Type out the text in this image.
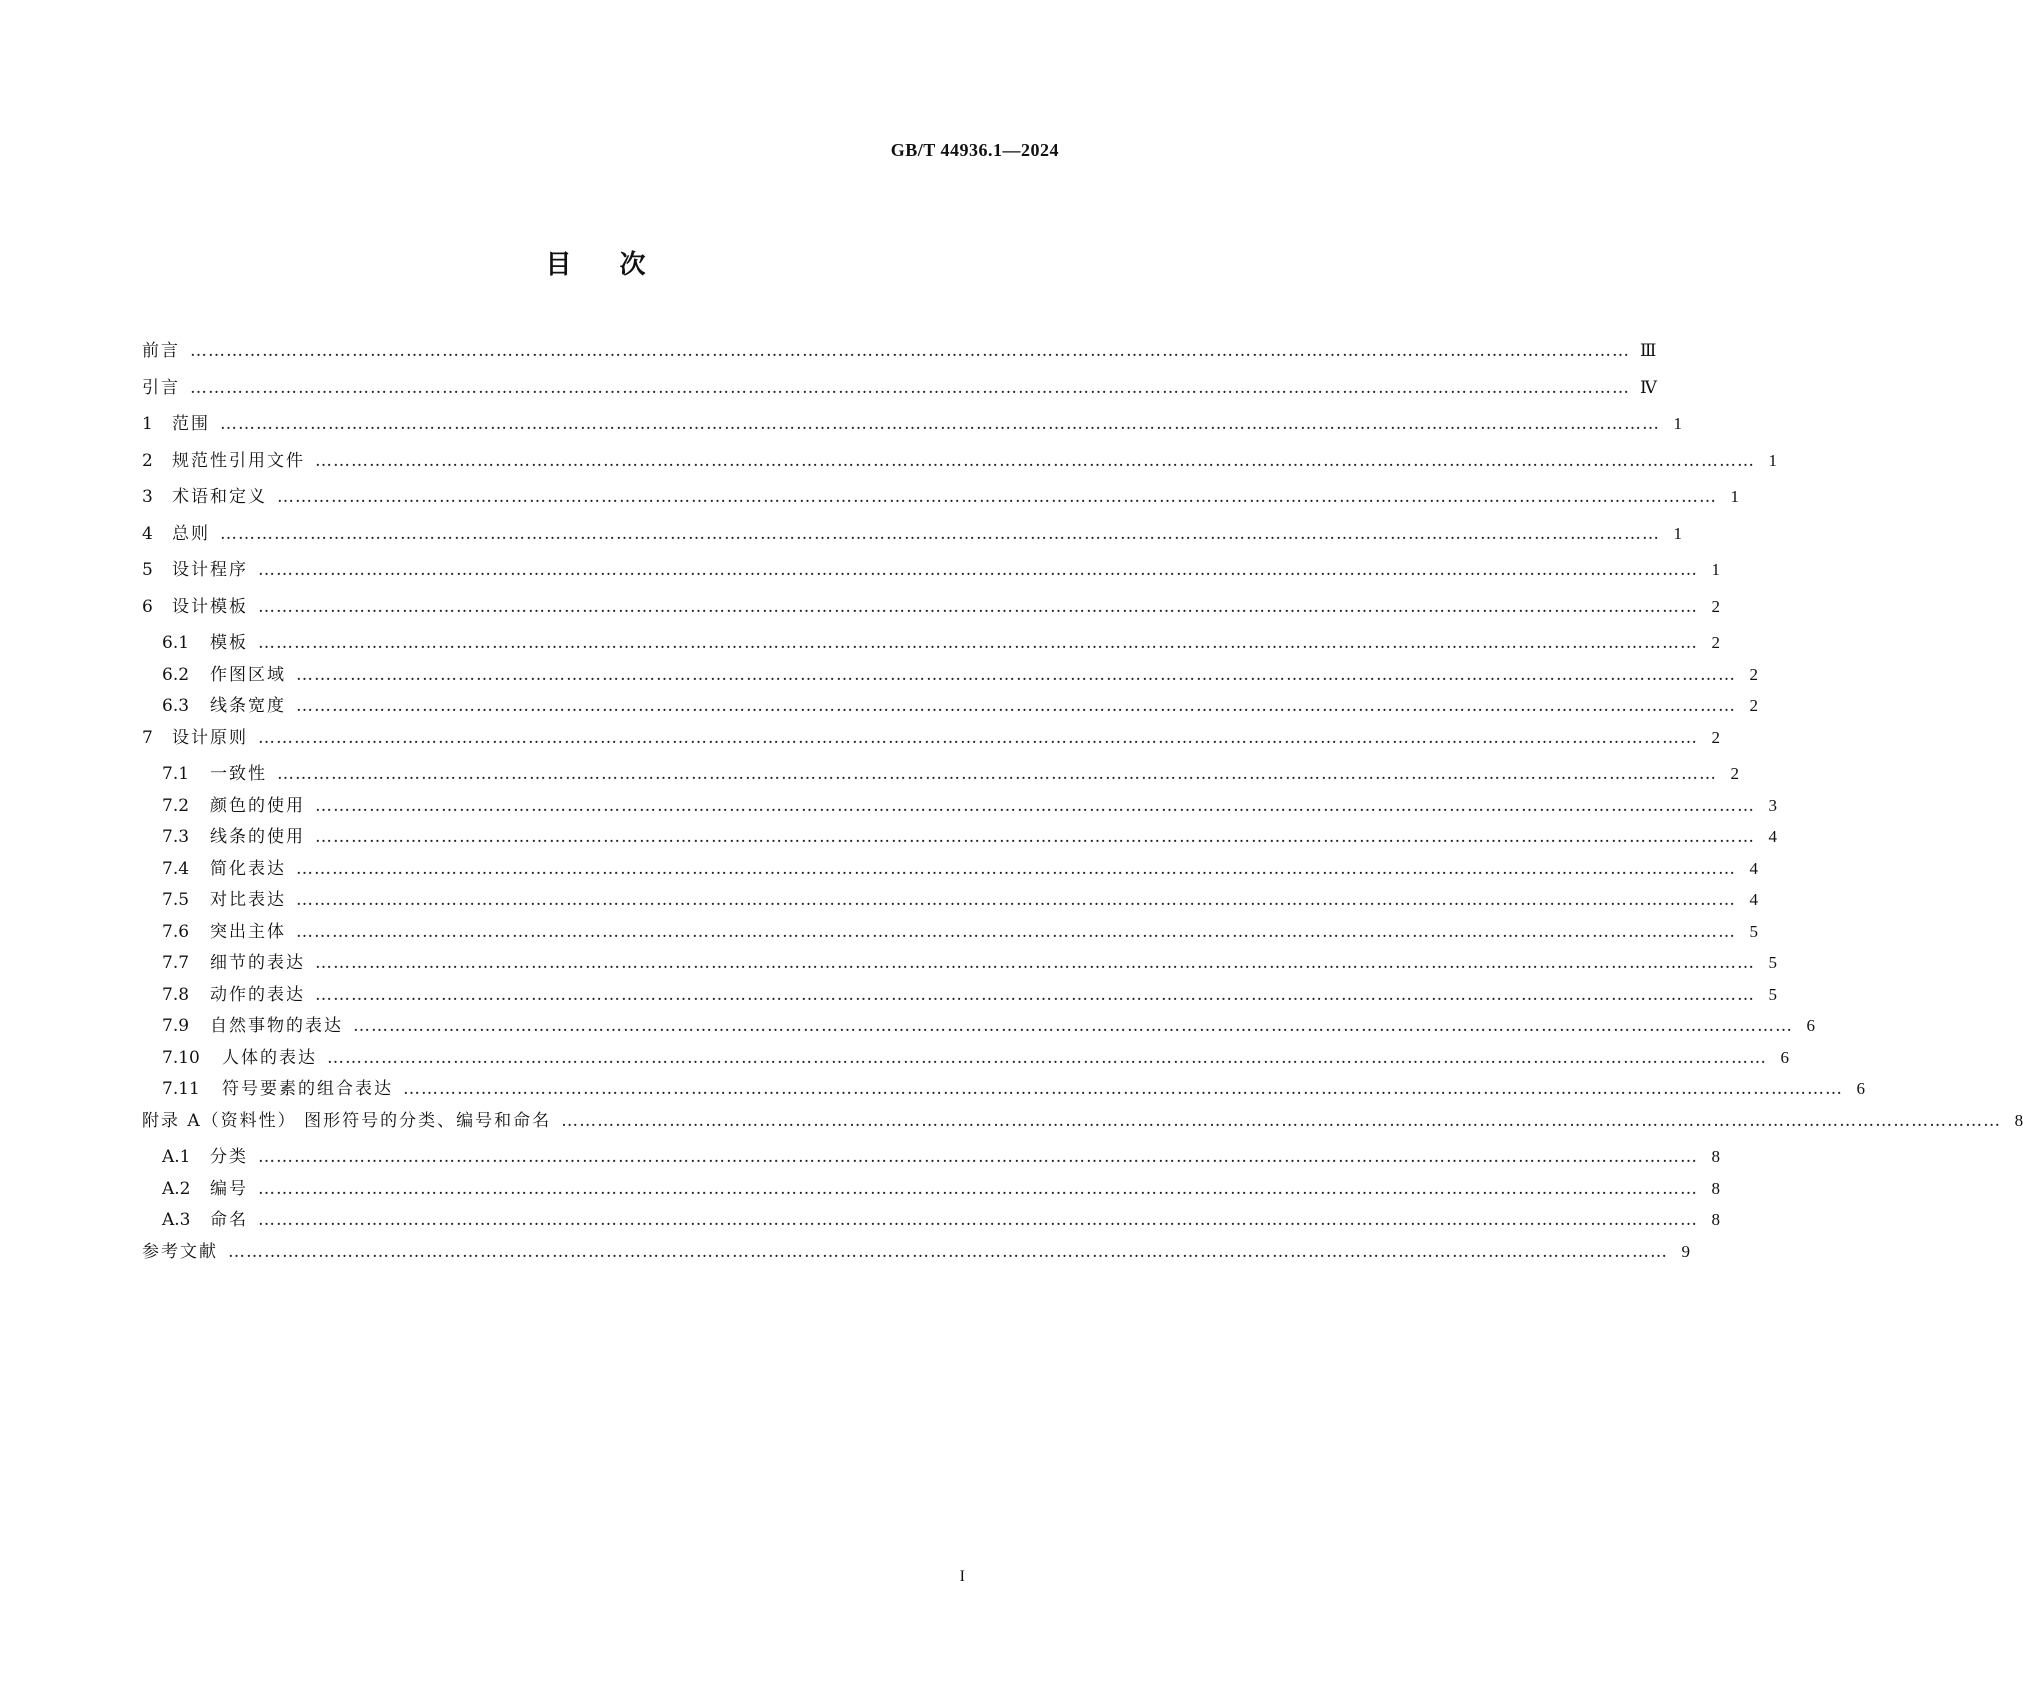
GB/T 44936.1—2024
目次
前言 …………………………………………………………………………………………………………………………………………………………………………………………………………………… Ⅲ
引言 …………………………………………………………………………………………………………………………………………………………………………………………………………………… Ⅳ
1	范围 …………………………………………………………………………………………………………………………………………………………………………………………………………………… 1
2	规范性引用文件 …………………………………………………………………………………………………………………………………………………………………………………………………………………… 1
3	术语和定义 …………………………………………………………………………………………………………………………………………………………………………………………………………………… 1
4	总则 …………………………………………………………………………………………………………………………………………………………………………………………………………………… 1
5	设计程序 …………………………………………………………………………………………………………………………………………………………………………………………………………………… 1
6	设计模板 …………………………………………………………………………………………………………………………………………………………………………………………………………………… 2
6.1	模板 …………………………………………………………………………………………………………………………………………………………………………………………………………………… 2
6.2	作图区域 …………………………………………………………………………………………………………………………………………………………………………………………………………………… 2
6.3	线条宽度 …………………………………………………………………………………………………………………………………………………………………………………………………………………… 2
7	设计原则 …………………………………………………………………………………………………………………………………………………………………………………………………………………… 2
7.1	一致性 …………………………………………………………………………………………………………………………………………………………………………………………………………………… 2
7.2	颜色的使用 …………………………………………………………………………………………………………………………………………………………………………………………………………………… 3
7.3	线条的使用 …………………………………………………………………………………………………………………………………………………………………………………………………………………… 4
7.4	简化表达 …………………………………………………………………………………………………………………………………………………………………………………………………………………… 4
7.5	对比表达 …………………………………………………………………………………………………………………………………………………………………………………………………………………… 4
7.6	突出主体 …………………………………………………………………………………………………………………………………………………………………………………………………………………… 5
7.7	细节的表达 …………………………………………………………………………………………………………………………………………………………………………………………………………………… 5
7.8	动作的表达 …………………………………………………………………………………………………………………………………………………………………………………………………………………… 5
7.9	自然事物的表达 …………………………………………………………………………………………………………………………………………………………………………………………………………………… 6
7.10	人体的表达 …………………………………………………………………………………………………………………………………………………………………………………………………………………… 6
7.11	符号要素的组合表达 …………………………………………………………………………………………………………………………………………………………………………………………………………………… 6
附录 A（资料性） 图形符号的分类、编号和命名 …………………………………………………………………………………………………………………………………………………………………………………………………………………… 8
A.1	分类 …………………………………………………………………………………………………………………………………………………………………………………………………………………… 8
A.2	编号 …………………………………………………………………………………………………………………………………………………………………………………………………………………… 8
A.3	命名 …………………………………………………………………………………………………………………………………………………………………………………………………………………… 8
参考文献 …………………………………………………………………………………………………………………………………………………………………………………………………………………… 9
I
